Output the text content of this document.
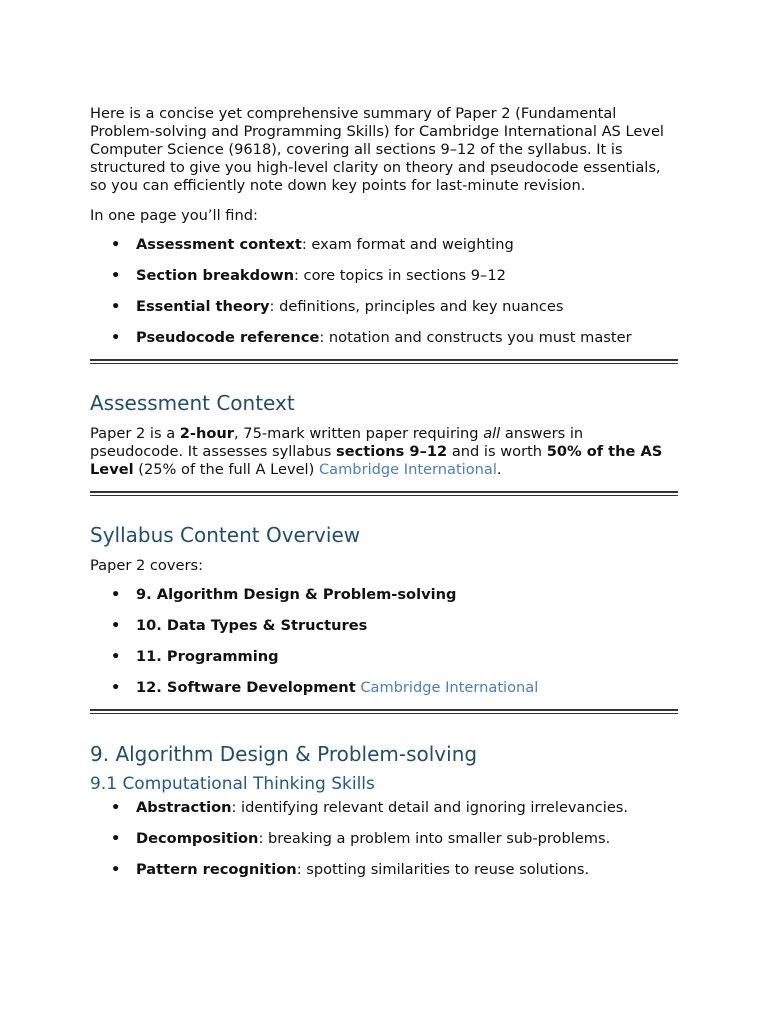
Here is a concise yet comprehensive summary of Paper 2 (Fundamental Problem-solving and Programming Skills) for Cambridge International AS Level Computer Science (9618), covering all sections 9–12 of the syllabus. It is structured to give you high-level clarity on theory and pseudocode essentials, so you can efficiently note down key points for last-minute revision.

In one page you’ll find:

• Assessment context: exam format and weighting
• Section breakdown: core topics in sections 9–12
• Essential theory: definitions, principles and key nuances
• Pseudocode reference: notation and constructs you must master
Assessment Context

Paper 2 is a 2-hour, 75-mark written paper requiring all answers in pseudocode. It assesses syllabus sections 9–12 and is worth 50% of the AS Level (25% of the full A Level) Cambridge International.

Syllabus Content Overview

Paper 2 covers:

• 9. Algorithm Design & Problem-solving
• 10. Data Types & Structures
• 11. Programming
• 12. Software Development Cambridge International
9. Algorithm Design & Problem-solving
9.1 Computational Thinking Skills
• Abstraction: identifying relevant detail and ignoring irrelevancies.
• Decomposition: breaking a problem into smaller sub-problems.
• Pattern recognition: spotting similarities to reuse solutions.
